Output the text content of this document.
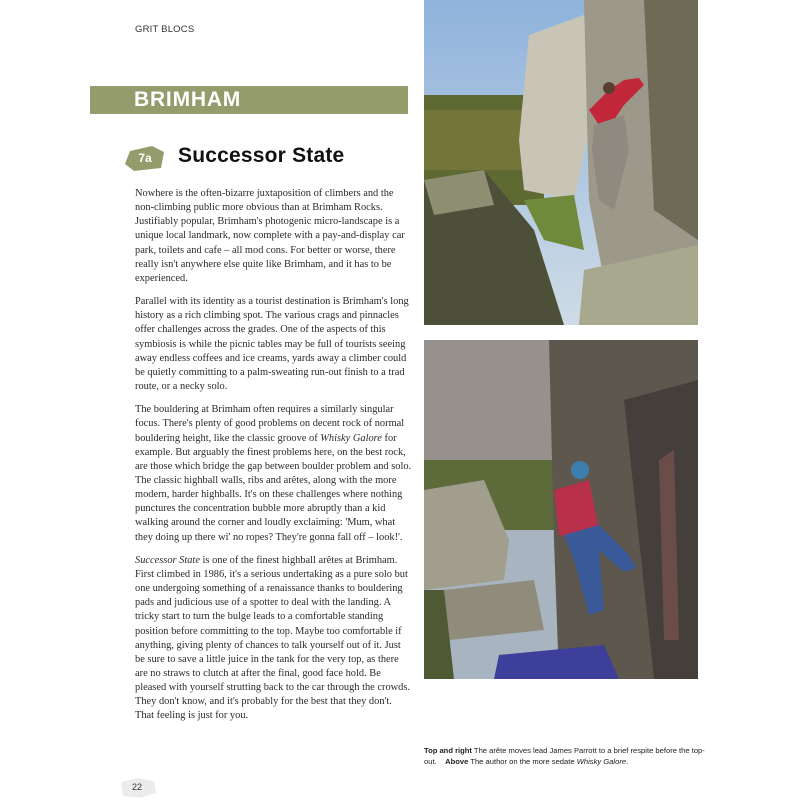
GRIT BLOCS
BRIMHAM
7a	Successor State

Nowhere is the often-bizarre juxtaposition of climbers and the non-climbing public more obvious than at Brimham Rocks. Justifiably popular, Brimham's photogenic micro-landscape is a unique local landmark, now complete with a pay-and-display car park, toilets and cafe – all mod cons. For better or worse, there really isn't anywhere else quite like Brimham, and it has to be experienced.

Parallel with its identity as a tourist destination is Brimham's long history as a rich climbing spot. The various crags and pinnacles offer challenges across the grades. One of the aspects of this symbiosis is while the picnic tables may be full of tourists seeing away endless coffees and ice creams, yards away a climber could be quietly committing to a palm-sweating run-out finish to a trad route, or a necky solo.

The bouldering at Brimham often requires a similarly singular focus. There's plenty of good problems on decent rock of normal bouldering height, like the classic groove of Whisky Galore for example. But arguably the finest problems here, on the best rock, are those which bridge the gap between boulder problem and solo. The classic highball walls, ribs and arêtes, along with the more modern, harder highballs. It's on these challenges where nothing punctures the concentration bubble more abruptly than a kid walking around the corner and loudly exclaiming: 'Mum, what they doing up there wi' no ropes? They're gonna fall off – look!'.

Successor State is one of the finest highball arêtes at Brimham. First climbed in 1986, it's a serious undertaking as a pure solo but one undergoing something of a renaissance thanks to bouldering pads and judicious use of a spotter to deal with the landing. A tricky start to turn the bulge leads to a comfortable standing position before committing to the top. Maybe too comfortable if anything, giving plenty of chances to talk yourself out of it. Just be sure to save a little juice in the tank for the very top, as there are no straws to clutch at after the final, good face hold. Be pleased with yourself strutting back to the car through the crowds. They don't know, and it's probably for the best that they don't. That feeling is just for you.

Top and right The arête moves lead James Parrott to a brief respite before the top-out. Above The author on the more sedate Whisky Galore.
22
